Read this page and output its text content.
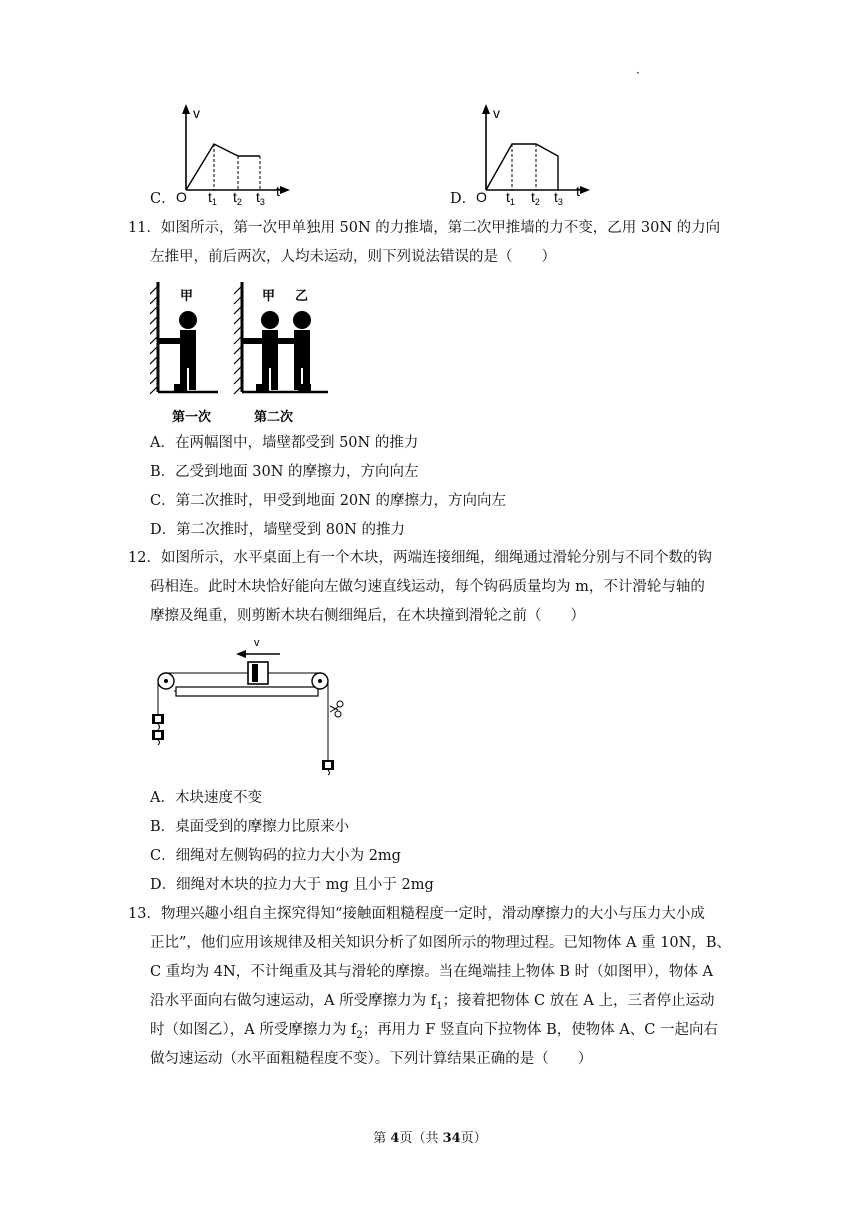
·
C．
v
O $t_1$ $t_2$ $t_3$
t	D．
v
O $t_1$ $t_2$ $t_3$
t
11．如图所示，第一次甲单独用 50N 的力推墙，第二次甲推墙的力不变，乙用 30N 的力向
左推甲，前后两次，人均未运动，则下列说法错误的是（　　）
甲	甲 乙
第一次	第二次
A．在两幅图中，墙壁都受到 50N 的推力
B．乙受到地面 30N 的摩擦力，方向向左
C．第二次推时，甲受到地面 20N 的摩擦力，方向向左
D．第二次推时，墙壁受到 80N 的推力
12．如图所示，水平桌面上有一个木块，两端连接细绳，细绳通过滑轮分别与不同个数的钩
码相连。此时木块恰好能向左做匀速直线运动，每个钩码质量均为 m，不计滑轮与轴的
摩擦及绳重，则剪断木块右侧细绳后，在木块撞到滑轮之前（　　）
v
A．木块速度不变
B．桌面受到的摩擦力比原来小
C．细绳对左侧钩码的拉力大小为 2mg
D．细绳对木块的拉力大于 mg 且小于 2mg
13．物理兴趣小组自主探究得知“接触面粗糙程度一定时，滑动摩擦力的大小与压力大小成
正比”，他们应用该规律及相关知识分析了如图所示的物理过程。已知物体 A 重 10N，B、
C 重均为 4N，不计绳重及其与滑轮的摩擦。当在绳端挂上物体 B 时（如图甲），物体 A
沿水平面向右做匀速运动，A 所受摩擦力为 $f_1$；接着把物体 C 放在 A 上，三者停止运动
时（如图乙），A 所受摩擦力为 $f_2$；再用力 F 竖直向下拉物体 B，使物体 A、C 一起向右
做匀速运动（水平面粗糙程度不变）。下列计算结果正确的是（　　）
第 4页（共 34页）
